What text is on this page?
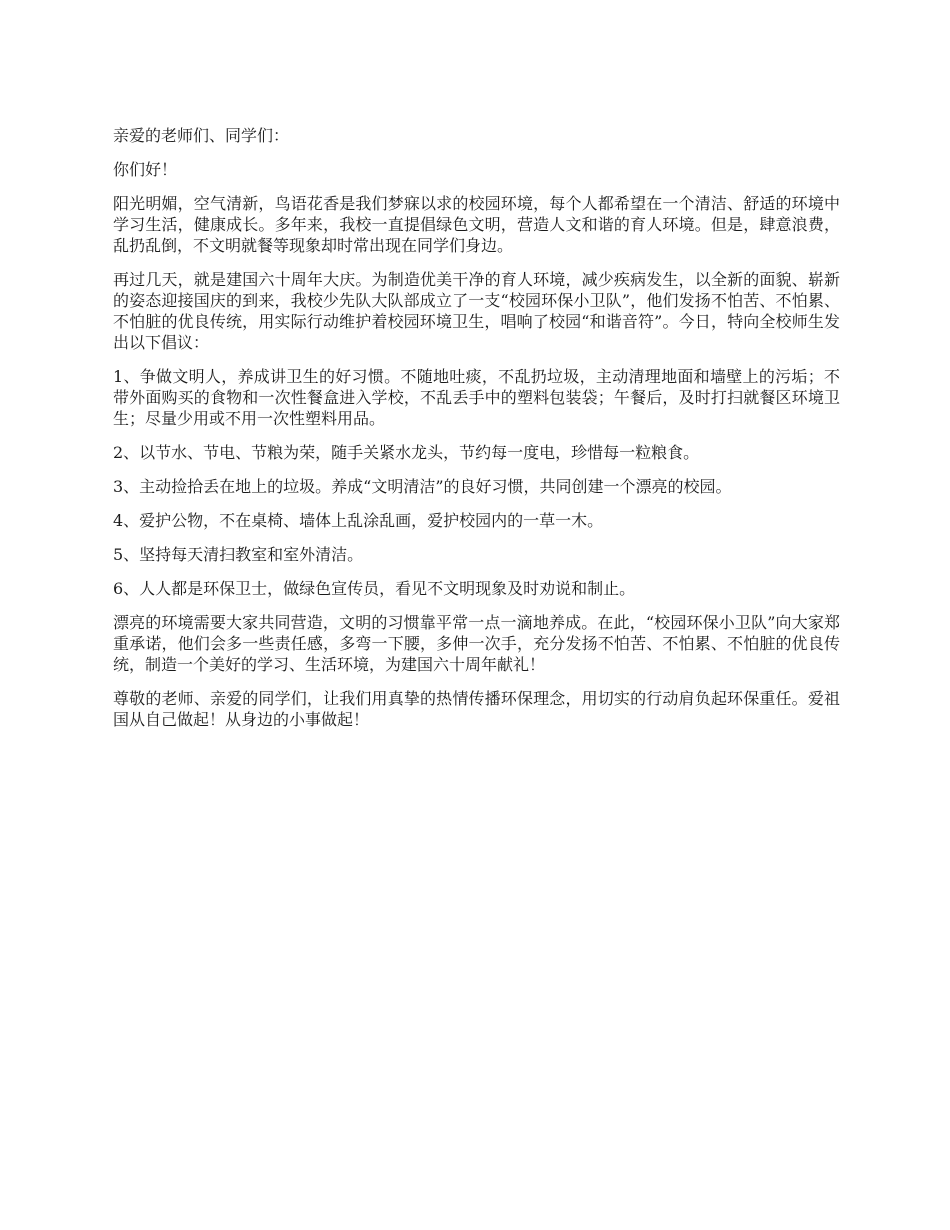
亲爱的老师们、同学们：

你们好！

阳光明媚，空气清新，鸟语花香是我们梦寐以求的校园环境，每个人都希望在一个清洁、舒适的环境中学习生活，健康成长。多年来，我校一直提倡绿色文明，营造人文和谐的育人环境。但是，肆意浪费，乱扔乱倒，不文明就餐等现象却时常出现在同学们身边。

再过几天，就是建国六十周年大庆。为制造优美干净的育人环境，减少疾病发生，以全新的面貌、崭新的姿态迎接国庆的到来，我校少先队大队部成立了一支“校园环保小卫队”，他们发扬不怕苦、不怕累、不怕脏的优良传统，用实际行动维护着校园环境卫生，唱响了校园“和谐音符”。今日，特向全校师生发出以下倡议：

1、争做文明人，养成讲卫生的好习惯。不随地吐痰，不乱扔垃圾，主动清理地面和墙壁上的污垢；不带外面购买的食物和一次性餐盒进入学校，不乱丢手中的塑料包装袋；午餐后，及时打扫就餐区环境卫生；尽量少用或不用一次性塑料用品。

2、以节水、节电、节粮为荣，随手关紧水龙头，节约每一度电，珍惜每一粒粮食。

3、主动捡拾丢在地上的垃圾。养成“文明清洁”的良好习惯，共同创建一个漂亮的校园。

4、爱护公物，不在桌椅、墙体上乱涂乱画，爱护校园内的一草一木。

5、坚持每天清扫教室和室外清洁。

6、人人都是环保卫士，做绿色宣传员，看见不文明现象及时劝说和制止。

漂亮的环境需要大家共同营造，文明的习惯靠平常一点一滴地养成。在此，“校园环保小卫队”向大家郑重承诺，他们会多一些责任感，多弯一下腰，多伸一次手，充分发扬不怕苦、不怕累、不怕脏的优良传统，制造一个美好的学习、生活环境，为建国六十周年献礼！

尊敬的老师、亲爱的同学们，让我们用真挚的热情传播环保理念，用切实的行动肩负起环保重任。爱祖国从自己做起！从身边的小事做起！
